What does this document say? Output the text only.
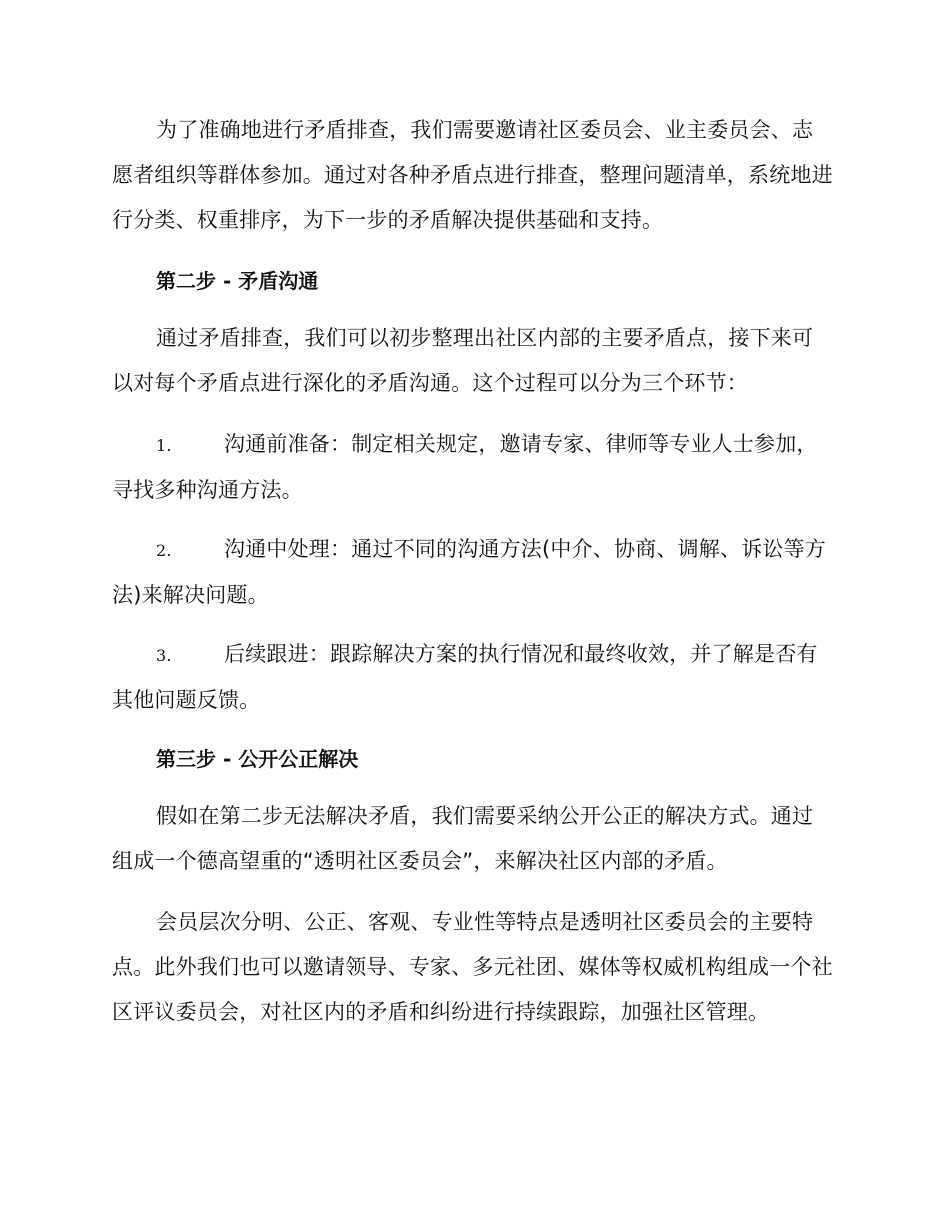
为了准确地进行矛盾排查，我们需要邀请社区委员会、业主委员会、志愿者组织等群体参加。通过对各种矛盾点进行排查，整理问题清单，系统地进行分类、权重排序，为下一步的矛盾解决提供基础和支持。

第二步 - 矛盾沟通

通过矛盾排查，我们可以初步整理出社区内部的主要矛盾点，接下来可以对每个矛盾点进行深化的矛盾沟通。这个过程可以分为三个环节：

1. 沟通前准备：制定相关规定，邀请专家、律师等专业人士参加，寻找多种沟通方法。
2. 沟通中处理：通过不同的沟通方法(中介、协商、调解、诉讼等方法)来解决问题。
3. 后续跟进：跟踪解决方案的执行情况和最终收效，并了解是否有其他问题反馈。
第三步 - 公开公正解决

假如在第二步无法解决矛盾，我们需要采纳公开公正的解决方式。通过组成一个德高望重的“透明社区委员会”，来解决社区内部的矛盾。

会员层次分明、公正、客观、专业性等特点是透明社区委员会的主要特点。此外我们也可以邀请领导、专家、多元社团、媒体等权威机构组成一个社区评议委员会，对社区内的矛盾和纠纷进行持续跟踪，加强社区管理。
